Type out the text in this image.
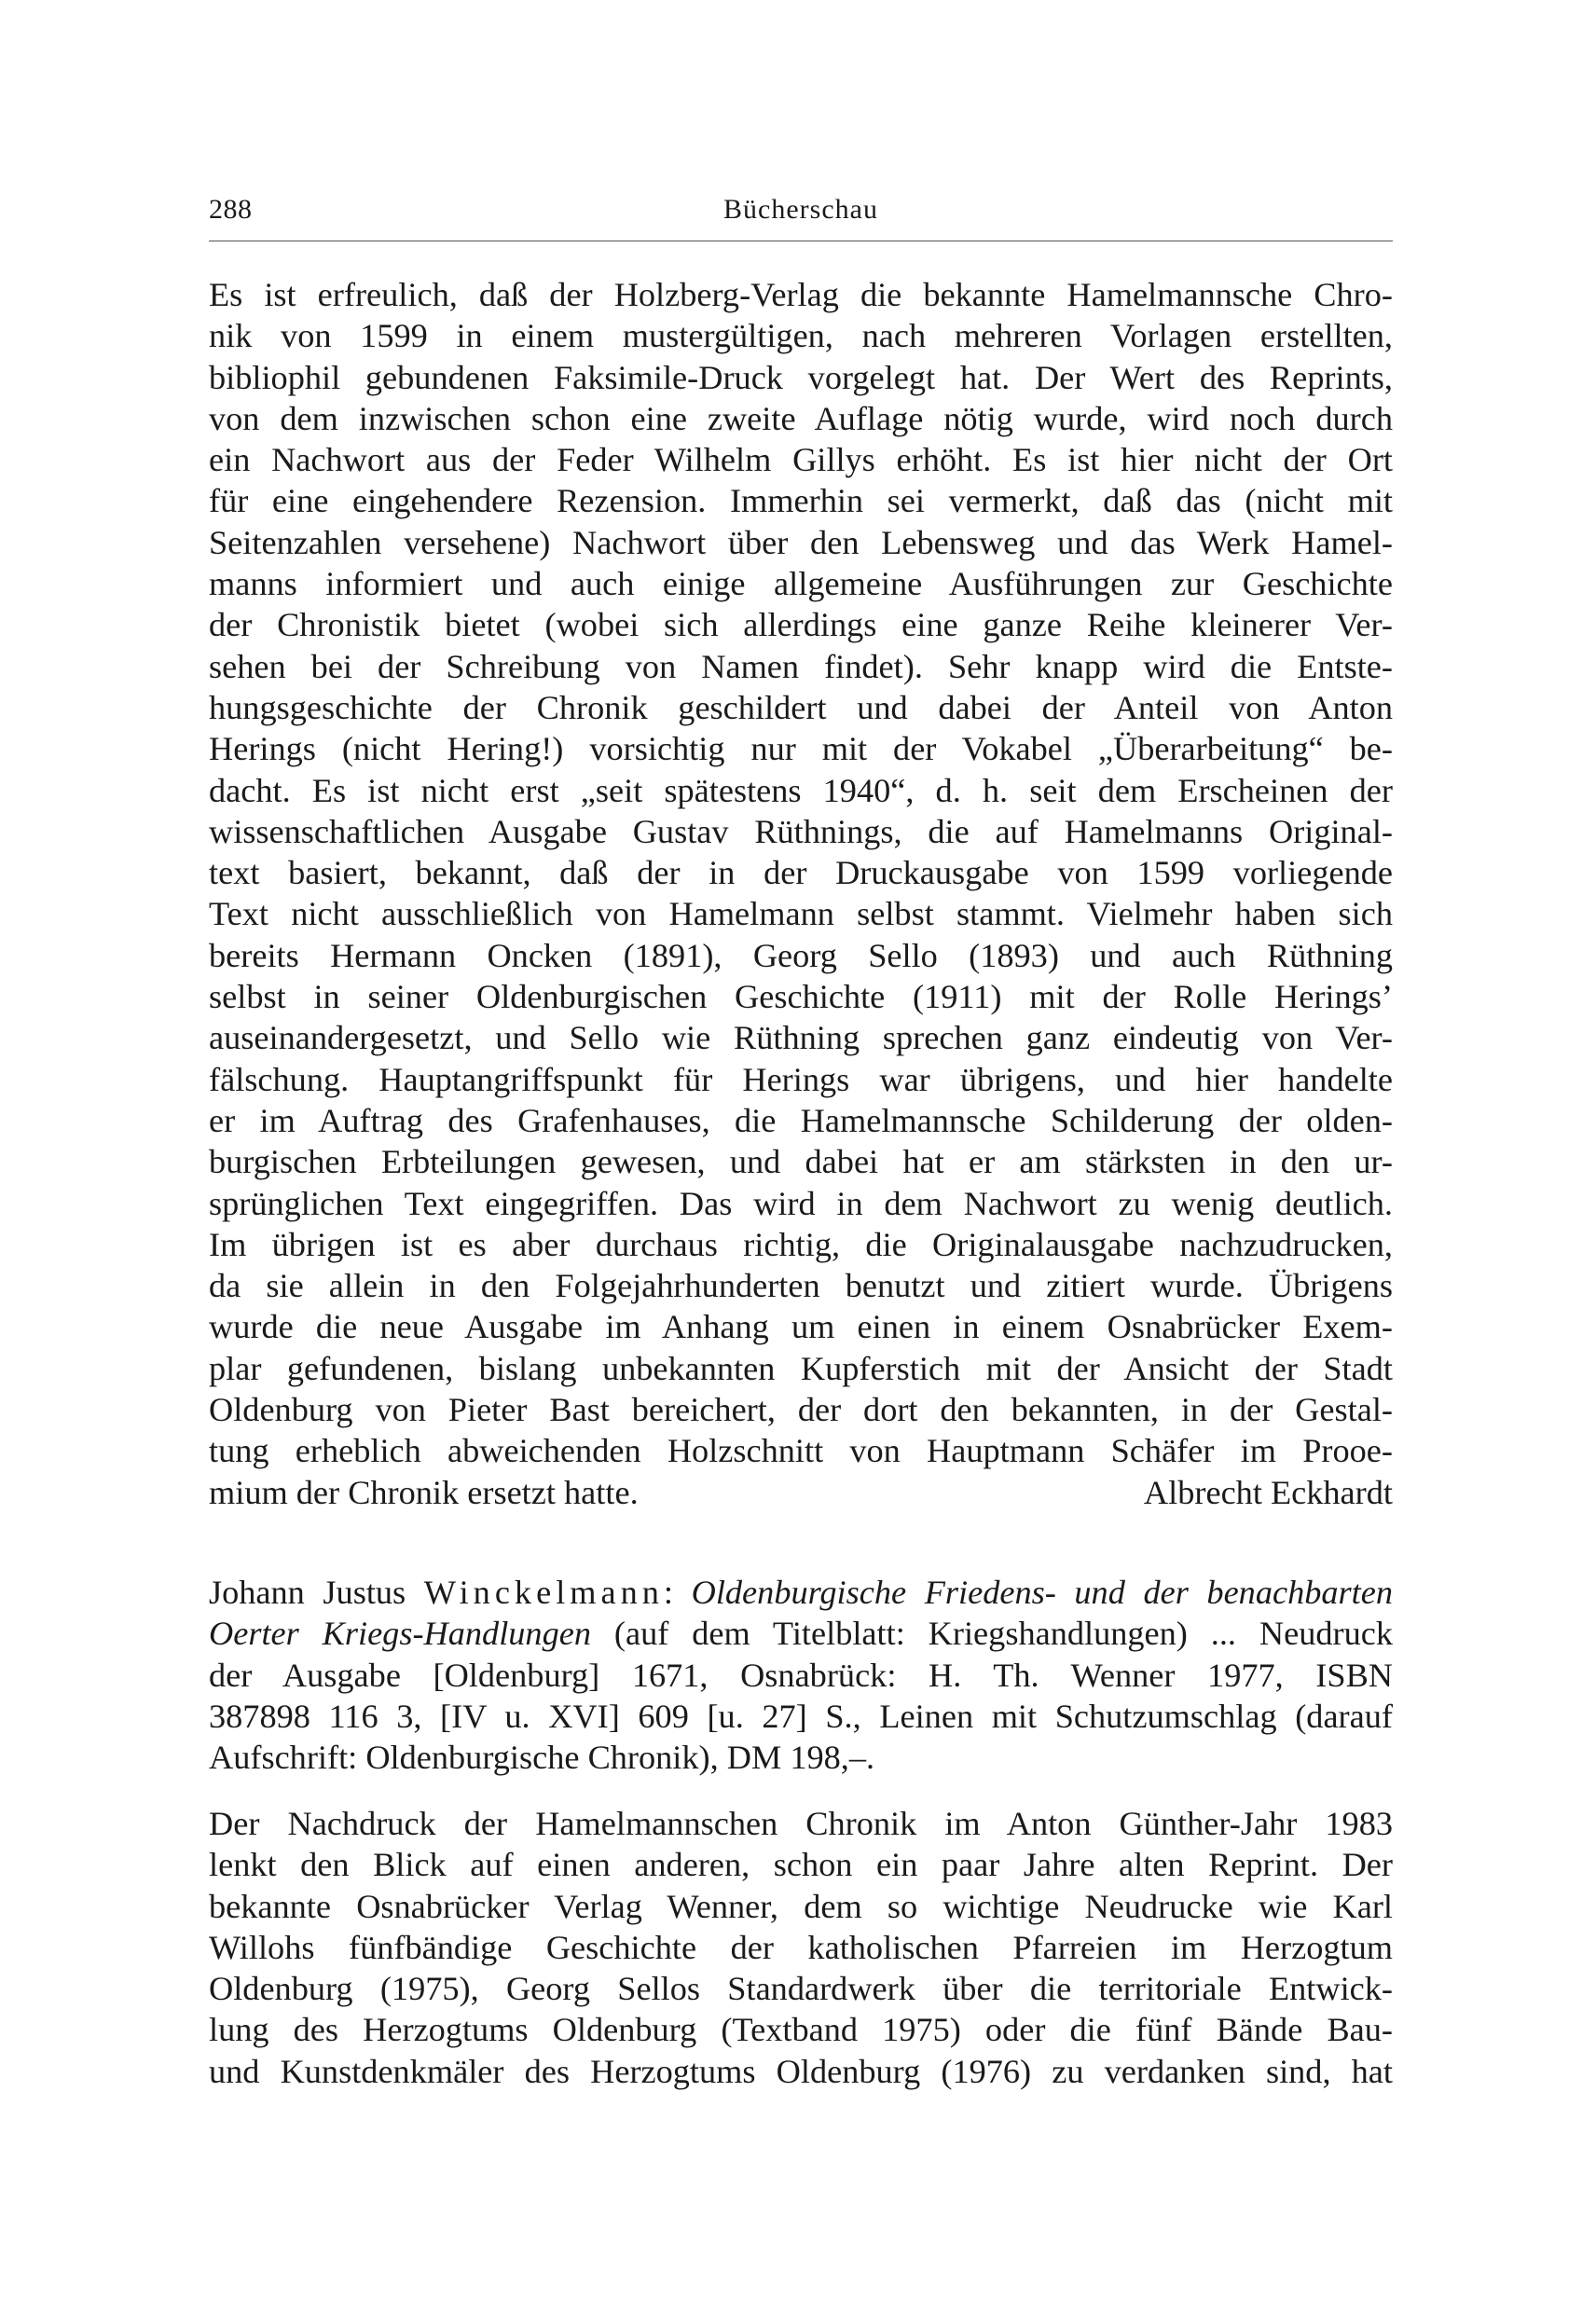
288	Bücherschau
Es ist erfreulich, daß der Holzberg-Verlag die bekannte Hamelmannsche Chro-
nik von 1599 in einem mustergültigen, nach mehreren Vorlagen erstellten,
bibliophil gebundenen Faksimile-Druck vorgelegt hat. Der Wert des Reprints,
von dem inzwischen schon eine zweite Auflage nötig wurde, wird noch durch
ein Nachwort aus der Feder Wilhelm Gillys erhöht. Es ist hier nicht der Ort
für eine eingehendere Rezension. Immerhin sei vermerkt, daß das (nicht mit
Seitenzahlen versehene) Nachwort über den Lebensweg und das Werk Hamel-
manns informiert und auch einige allgemeine Ausführungen zur Geschichte
der Chronistik bietet (wobei sich allerdings eine ganze Reihe kleinerer Ver-
sehen bei der Schreibung von Namen findet). Sehr knapp wird die Entste-
hungsgeschichte der Chronik geschildert und dabei der Anteil von Anton
Herings (nicht Hering!) vorsichtig nur mit der Vokabel „Überarbeitung“ be-
dacht. Es ist nicht erst „seit spätestens 1940“, d. h. seit dem Erscheinen der
wissenschaftlichen Ausgabe Gustav Rüthnings, die auf Hamelmanns Original-
text basiert, bekannt, daß der in der Druckausgabe von 1599 vorliegende
Text nicht ausschließlich von Hamelmann selbst stammt. Vielmehr haben sich
bereits Hermann Oncken (1891), Georg Sello (1893) und auch Rüthning
selbst in seiner Oldenburgischen Geschichte (1911) mit der Rolle Herings’
auseinandergesetzt, und Sello wie Rüthning sprechen ganz eindeutig von Ver-
fälschung. Hauptangriffspunkt für Herings war übrigens, und hier handelte
er im Auftrag des Grafenhauses, die Hamelmannsche Schilderung der olden-
burgischen Erbteilungen gewesen, und dabei hat er am stärksten in den ur-
sprünglichen Text eingegriffen. Das wird in dem Nachwort zu wenig deutlich.
Im übrigen ist es aber durchaus richtig, die Originalausgabe nachzudrucken,
da sie allein in den Folgejahrhunderten benutzt und zitiert wurde. Übrigens
wurde die neue Ausgabe im Anhang um einen in einem Osnabrücker Exem-
plar gefundenen, bislang unbekannten Kupferstich mit der Ansicht der Stadt
Oldenburg von Pieter Bast bereichert, der dort den bekannten, in der Gestal-
tung erheblich abweichenden Holzschnitt von Hauptmann Schäfer im Prooe-
mium der Chronik ersetzt hatte.	Albrecht Eckhardt
Johann Justus Winckelmann: Oldenburgische Friedens- und der benachbarten
Oerter Kriegs-Handlungen (auf dem Titelblatt: Kriegshandlungen) ... Neudruck
der Ausgabe [Oldenburg] 1671, Osnabrück: H. Th. Wenner 1977, ISBN
387898 116 3, [IV u. XVI] 609 [u. 27] S., Leinen mit Schutzumschlag (darauf
Aufschrift: Oldenburgische Chronik), DM 198,–.
Der Nachdruck der Hamelmannschen Chronik im Anton Günther-Jahr 1983
lenkt den Blick auf einen anderen, schon ein paar Jahre alten Reprint. Der
bekannte Osnabrücker Verlag Wenner, dem so wichtige Neudrucke wie Karl
Willohs fünfbändige Geschichte der katholischen Pfarreien im Herzogtum
Oldenburg (1975), Georg Sellos Standardwerk über die territoriale Entwick-
lung des Herzogtums Oldenburg (Textband 1975) oder die fünf Bände Bau-
und Kunstdenkmäler des Herzogtums Oldenburg (1976) zu verdanken sind, hat
